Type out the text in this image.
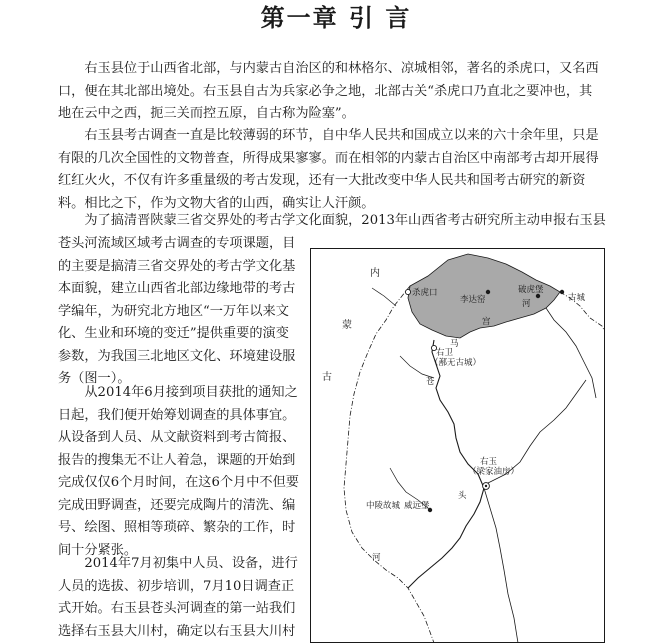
第一章 引 言
　　右玉县位于山西省北部，与内蒙古自治区的和林格尔、凉城相邻，著名的杀虎口，又名西
口，便在其北部出境处。右玉县自古为兵家必争之地，北部古关“杀虎口乃直北之要冲也，其
地在云中之西，扼三关而控五原，自古称为险塞”。
　　右玉县考古调查一直是比较薄弱的环节，自中华人民共和国成立以来的六十余年里，只是
有限的几次全国性的文物普查，所得成果寥寥。而在相邻的内蒙古自治区中南部考古却开展得
红红火火，不仅有许多重量级的考古发现，还有一大批改变中华人民共和国考古研究的新资
料。相比之下，作为文物大省的山西，确实让人汗颜。
　　为了搞清晋陕蒙三省交界处的考古学文化面貌，2013年山西省考古研究所主动申报右玉县
苍头河流域区域考古调查的专项课题，目
的主要是搞清三省交界处的考古学文化基
本面貌，建立山西省北部边缘地带的考古
学编年，为研究北方地区“一万年以来文
化、生业和环境的变迁”提供重要的演变
参数，为我国三北地区文化、环境建设服
务（图一）。
　　从2014年6月接到项目获批的通知之
日起，我们便开始筹划调查的具体事宜。
从设备到人员、从文献资料到考古简报、
报告的搜集无不让人着急，课题的开始到
完成仅仅6个月时间，在这6个月中不但要
完成田野调查，还要完成陶片的清洗、编
号、绘图、照相等琐碎、繁杂的工作，时
间十分紧张。
　　2014年7月初集中人员、设备，进行
人员的选拔、初步培训，7月10日调查正
式开始。右玉县苍头河调查的第一站我们
选择右玉县大川村，确定以右玉县大川村
内
蒙
古
杀虎口
李达窑
破虎堡
古城
河
宫
马
右卫
（鄯无古城）
苍
头
河
右玉
（梁家油房）
中陵故城 威远堡
